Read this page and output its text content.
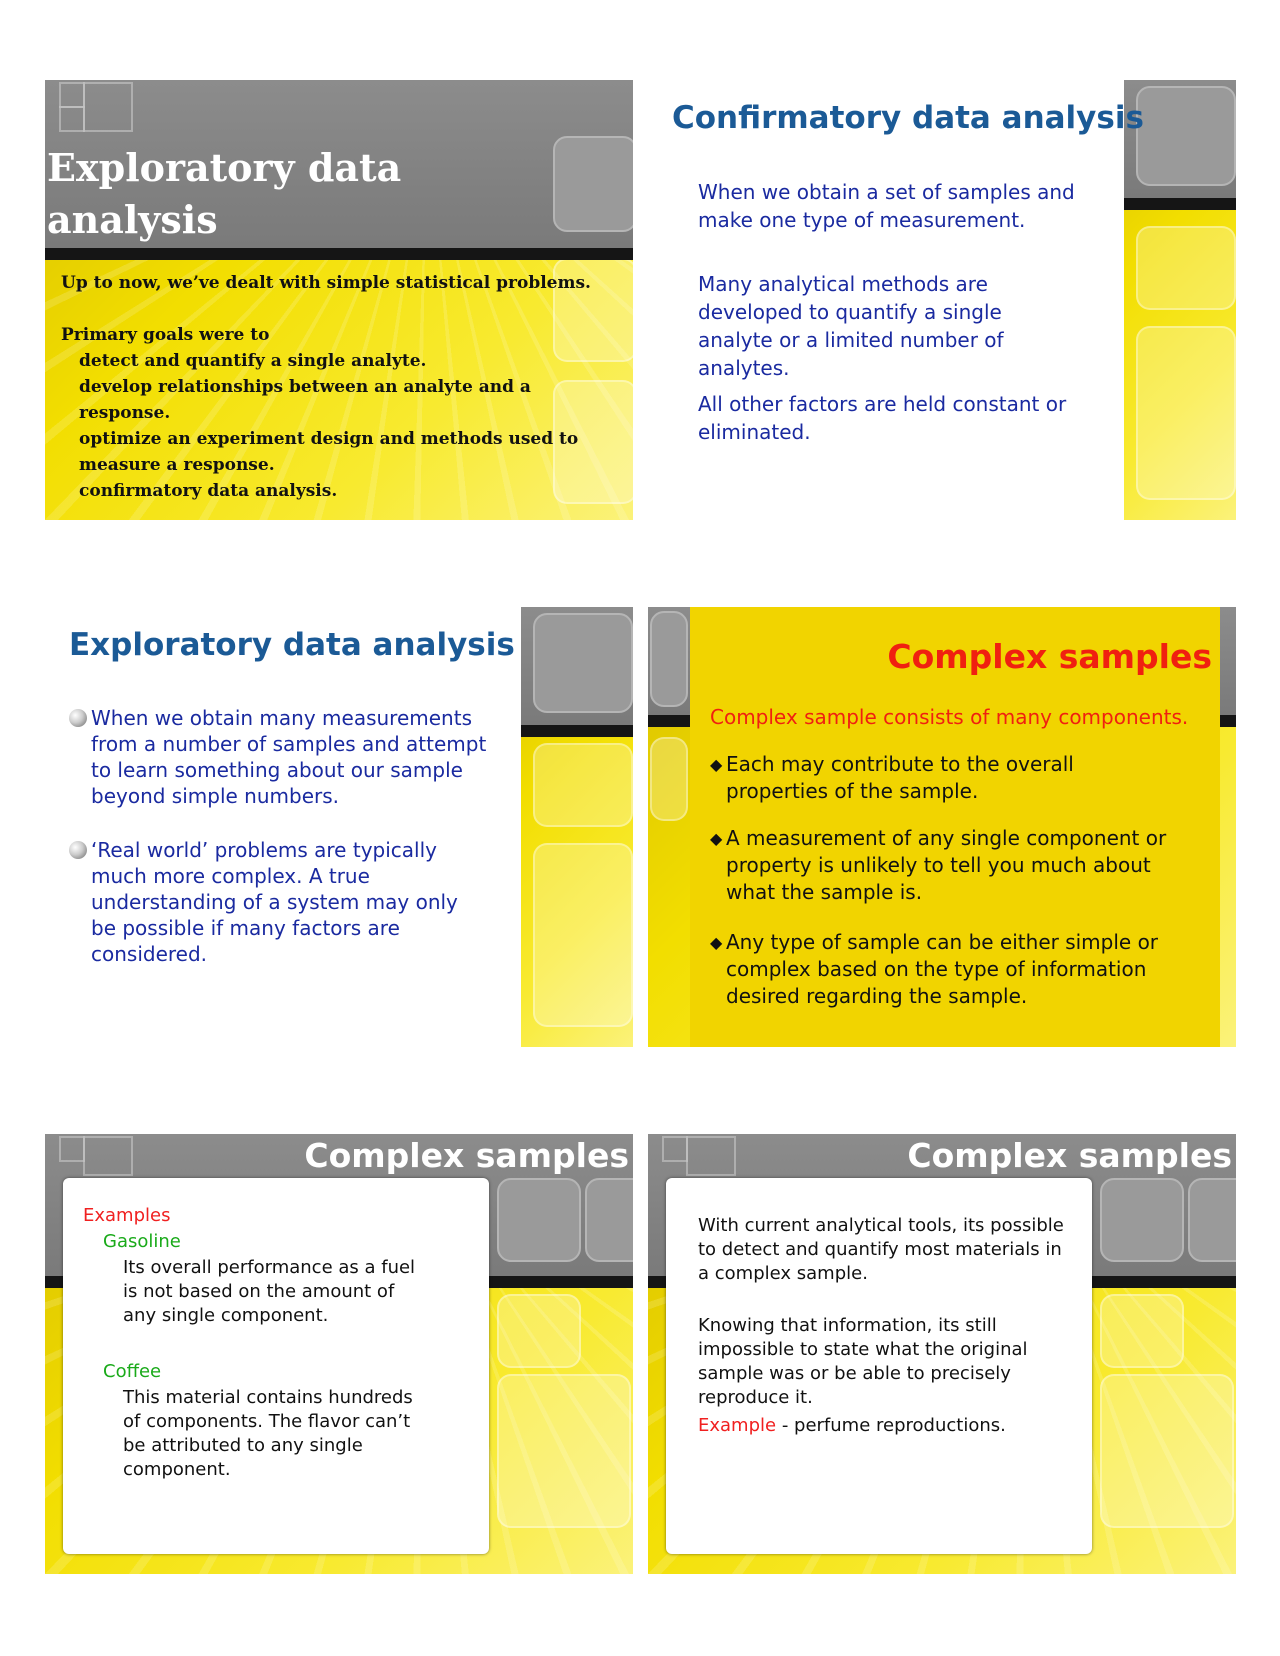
Exploratory data
analysis
Up to now, we’ve dealt with simple statistical problems.
Primary goals were to
detect and quantify a single analyte.
develop relationships between an analyte and a response.
optimize an experiment design and methods used to
measure a response.
confirmatory data analysis.
Confirmatory data analysis

When we obtain a set of samples and make one type of measurement.

Many analytical methods are developed to quantify a single analyte or a limited number of analytes.

All other factors are held constant or eliminated.

Exploratory data analysis
When we obtain many measurements from a number of samples and attempt to learn something about our sample beyond simple numbers.
‘Real world’ problems are typically much more complex. A true understanding of a system may only be possible if many factors are considered.
Complex samples
Complex sample consists of many components.
◆ Each may contribute to the overall properties of the sample.
◆ A measurement of any single component or property is unlikely to tell you much about what the sample is.
◆ Any type of sample can be either simple or complex based on the type of information desired regarding the sample.
Complex samples

Examples

Gasoline

Its overall performance as a fuel is not based on the amount of any single component.

Coffee

This material contains hundreds of components. The flavor can’t be attributed to any single component.

Complex samples

With current analytical tools, its possible to detect and quantify most materials in a complex sample.

Knowing that information, its still impossible to state what the original sample was or be able to precisely reproduce it.

Example - perfume reproductions.
